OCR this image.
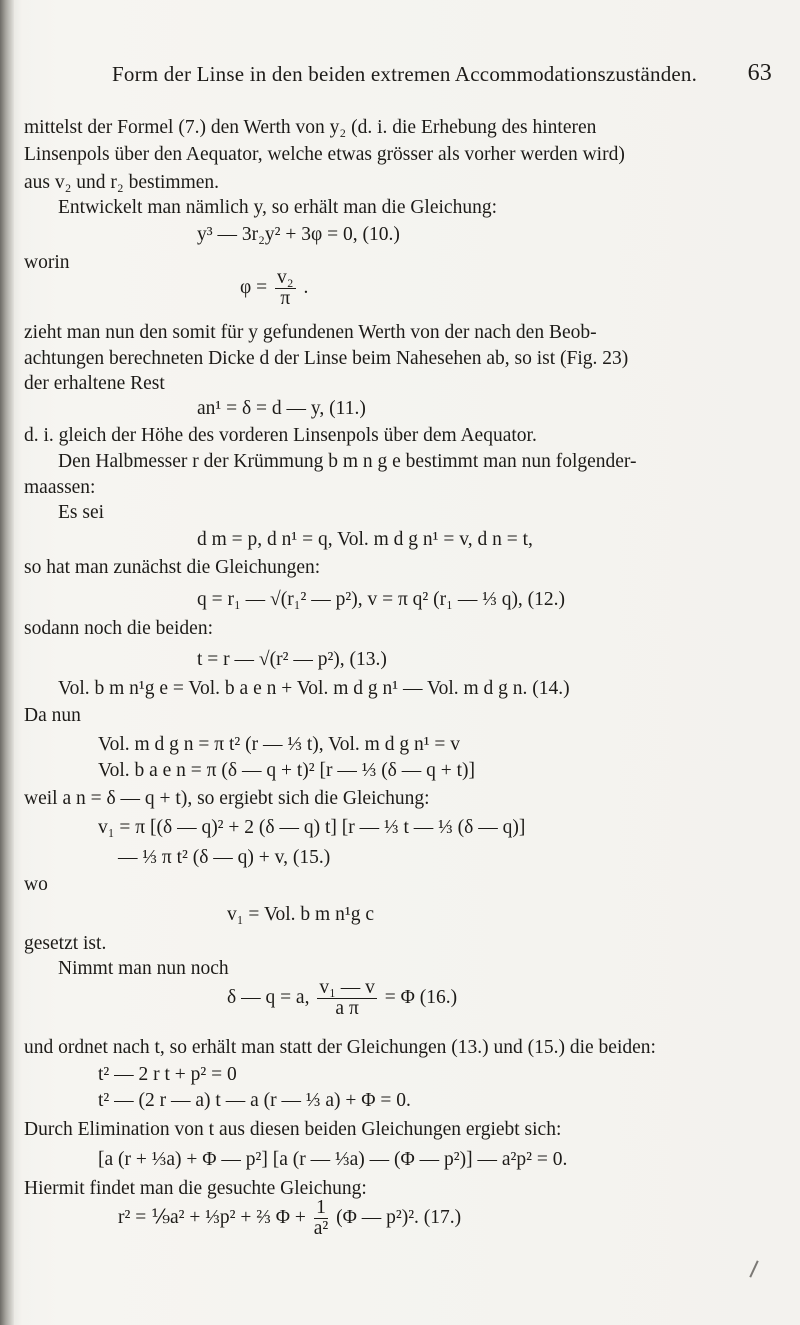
Form der Linse in den beiden extremen Accommodationszuständen. 63
mittelst der Formel (7.) den Werth von y₂ (d. i. die Erhebung des hinteren
Linsenpols über den Aequator, welche etwas grösser als vorher werden wird)
aus v₂ und r₂ bestimmen.
Entwickelt man nämlich y, so erhält man die Gleichung:
y³ — 3r₂y² + 3φ = 0, (10.)
worin
$\varphi = \frac{\text{v₂}}{\pi}$ .
zieht man nun den somit für y gefundenen Werth von der nach den Beob-
achtungen berechneten Dicke d der Linse beim Nahesehen ab, so ist (Fig. 23)
der erhaltene Rest
an¹ = δ = d — y, (11.)
d. i. gleich der Höhe des vorderen Linsenpols über dem Aequator.
Den Halbmesser r der Krümmung b m n g e bestimmt man nun folgender-
maassen:
Es sei
d m = p, d n¹ = q, Vol. m d g n¹ = v, d n = t,
so hat man zunächst die Gleichungen:
q = r₁ — √(r₁² — p²), v = π q² (r₁ — ⅓ q), (12.)
sodann noch die beiden:
t = r — √(r² — p²), (13.)
Vol. b m n¹g e = Vol. b a e n + Vol. m d g n¹ — Vol. m d g n. (14.)
Da nun
Vol. m d g n = π t² (r — ⅓ t), Vol. m d g n¹ = v
Vol. b a e n = π (δ — q + t)² [r — ⅓ (δ — q + t)]
weil a n = δ — q + t), so ergiebt sich die Gleichung:
v₁ = π [(δ — q)² + 2 (δ — q) t] [r — ⅓ t — ⅓ (δ — q)]
— ⅓ π t² (δ — q) + v, (15.)
wo
v₁ = Vol. b m n¹g c
gesetzt ist.
Nimmt man nun noch
δ — q = a, $\frac{\text{v₁ — v}}{\text{a π}} = \Phi$ (16.)
und ordnet nach t, so erhält man statt der Gleichungen (13.) und (15.) die beiden:
t² — 2 r t + p² = 0
t² — (2 r — a) t — a (r — ⅓ a) + Φ = 0.
Durch Elimination von t aus diesen beiden Gleichungen ergiebt sich:
[a (r + ⅓a) + Φ — p²] [a (r — ⅓a) — (Φ — p²)] — a²p² = 0.
Hiermit findet man die gesuchte Gleichung:
r² = ⅑a² + ⅓p² + ⅔ $\Phi + \frac{1}{\text{a²}} (\Phi$ — p²)². (17.)
